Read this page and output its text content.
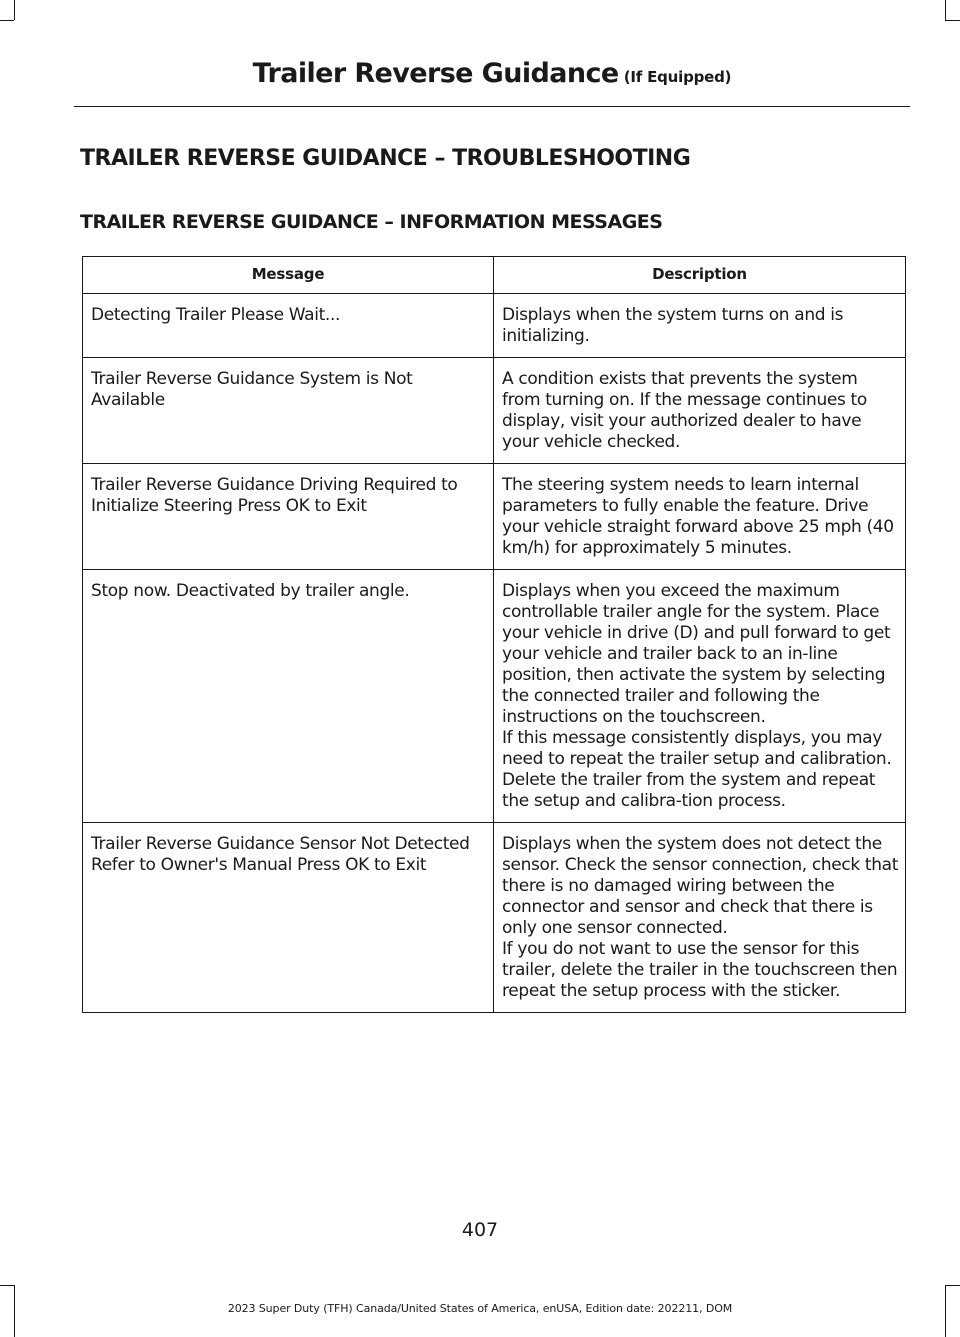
Trailer Reverse Guidance (If Equipped)
TRAILER REVERSE GUIDANCE – TROUBLESHOOTING
TRAILER REVERSE GUIDANCE – INFORMATION MESSAGES
Message	Description
Detecting Trailer Please Wait...	Displays when the system turns on and is initializing.

Trailer Reverse Guidance System is Not Available	A condition exists that prevents the system from turning on. If the message continues to display, visit your authorized dealer to have your vehicle checked.

Trailer Reverse Guidance Driving Required to Initialize Steering Press OK to Exit	The steering system needs to learn internal parameters to fully enable the feature. Drive your vehicle straight forward above 25 mph (40 km/h) for approximately 5 minutes.

Stop now. Deactivated by trailer angle.	Displays when you exceed the maximum controllable trailer angle for the system. Place your vehicle in drive (D) and pull forward to get your vehicle and trailer back to an in-line position, then activate the system by selecting the connected trailer and following the instructions on the touchscreen.
If this message consistently displays, you may need to repeat the trailer setup and calibration. Delete the trailer from the system and repeat the setup and calibra-tion process.

Trailer Reverse Guidance Sensor Not Detected Refer to Owner's Manual Press OK to Exit	Displays when the system does not detect the sensor. Check the sensor connection, check that there is no damaged wiring between the connector and sensor and check that there is only one sensor connected.
If you do not want to use the sensor for this trailer, delete the trailer in the touchscreen then repeat the setup process with the sticker.
407
2023 Super Duty (TFH) Canada/United States of America, enUSA, Edition date: 202211, DOM
